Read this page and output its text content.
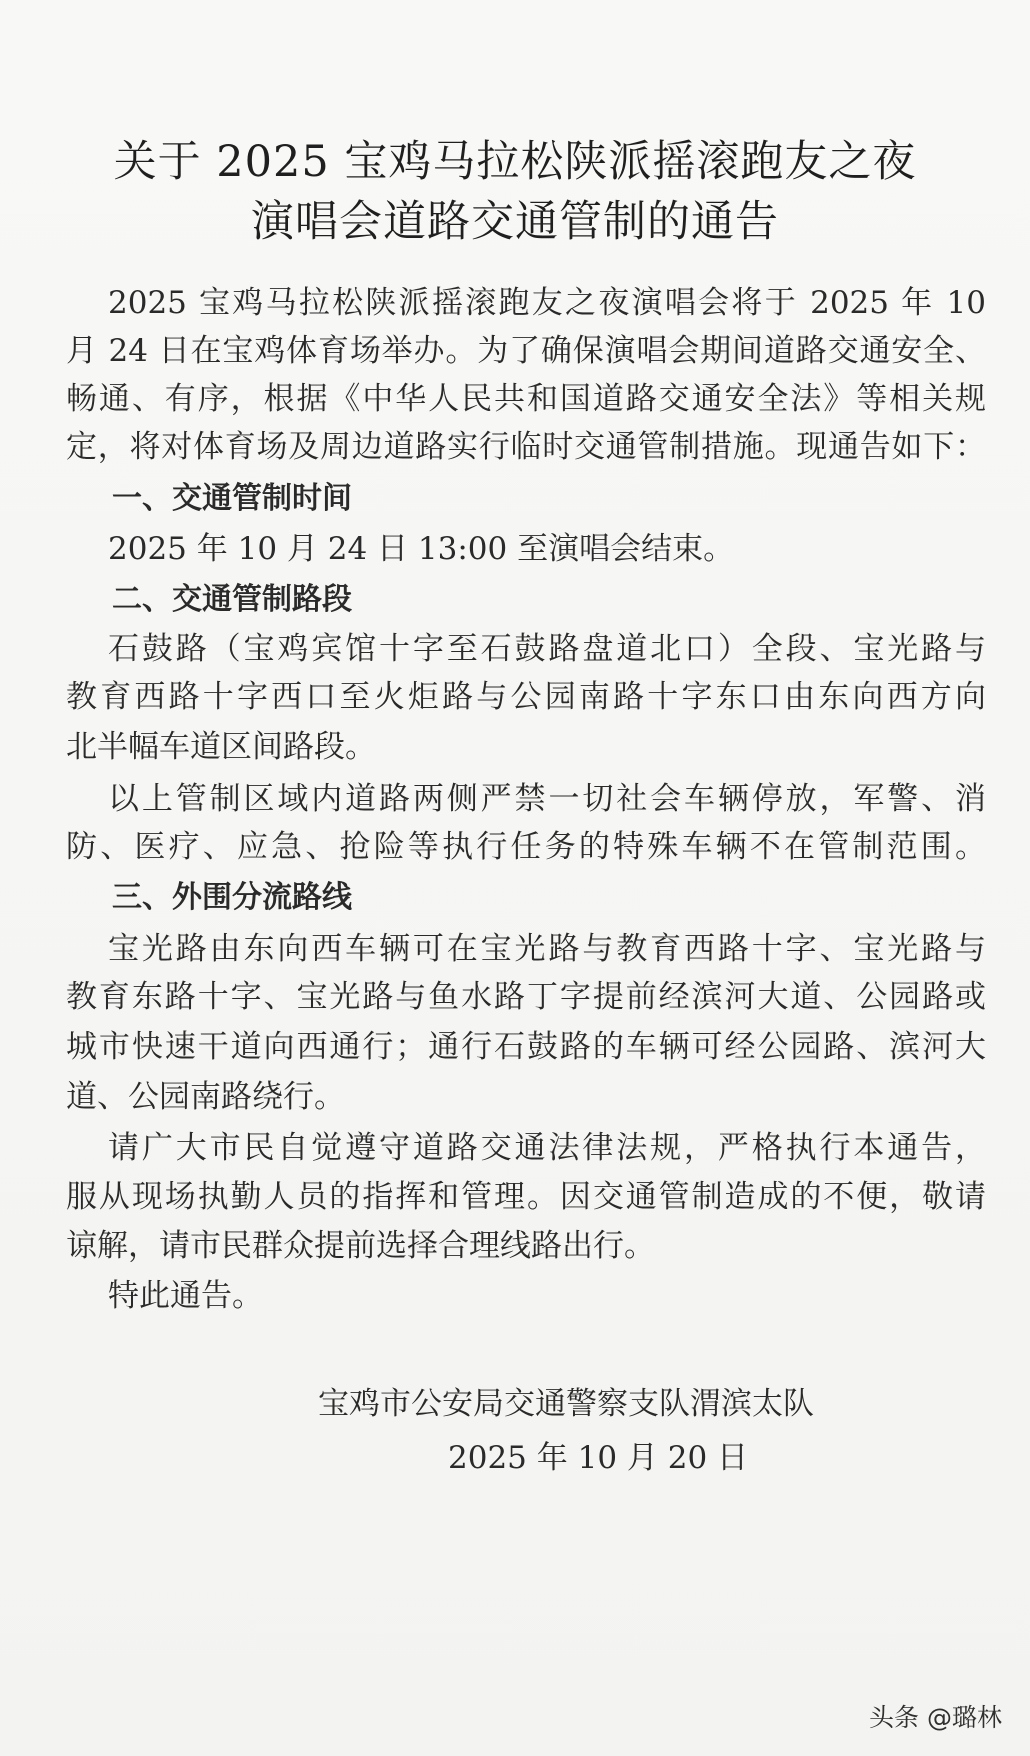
关于 2025 宝鸡马拉松陕派摇滚跑友之夜
演唱会道路交通管制的通告
2025 宝鸡马拉松陕派摇滚跑友之夜演唱会将于 2025 年 10
月 24 日在宝鸡体育场举办。为了确保演唱会期间道路交通安全、
畅通、有序，根据《中华人民共和国道路交通安全法》等相关规
定，将对体育场及周边道路实行临时交通管制措施。现通告如下：
一、交通管制时间
2025 年 10 月 24 日 13:00 至演唱会结束。
二、交通管制路段
石鼓路（宝鸡宾馆十字至石鼓路盘道北口）全段、宝光路与
教育西路十字西口至火炬路与公园南路十字东口由东向西方向
北半幅车道区间路段。
以上管制区域内道路两侧严禁一切社会车辆停放，军警、消
防、医疗、应急、抢险等执行任务的特殊车辆不在管制范围。
三、外围分流路线
宝光路由东向西车辆可在宝光路与教育西路十字、宝光路与
教育东路十字、宝光路与鱼水路丁字提前经滨河大道、公园路或
城市快速干道向西通行；通行石鼓路的车辆可经公园路、滨河大
道、公园南路绕行。
请广大市民自觉遵守道路交通法律法规，严格执行本通告，
服从现场执勤人员的指挥和管理。因交通管制造成的不便，敬请
谅解，请市民群众提前选择合理线路出行。
特此通告。
宝鸡市公安局交通警察支队渭滨太队
2025 年 10 月 20 日
头条 @璐林
